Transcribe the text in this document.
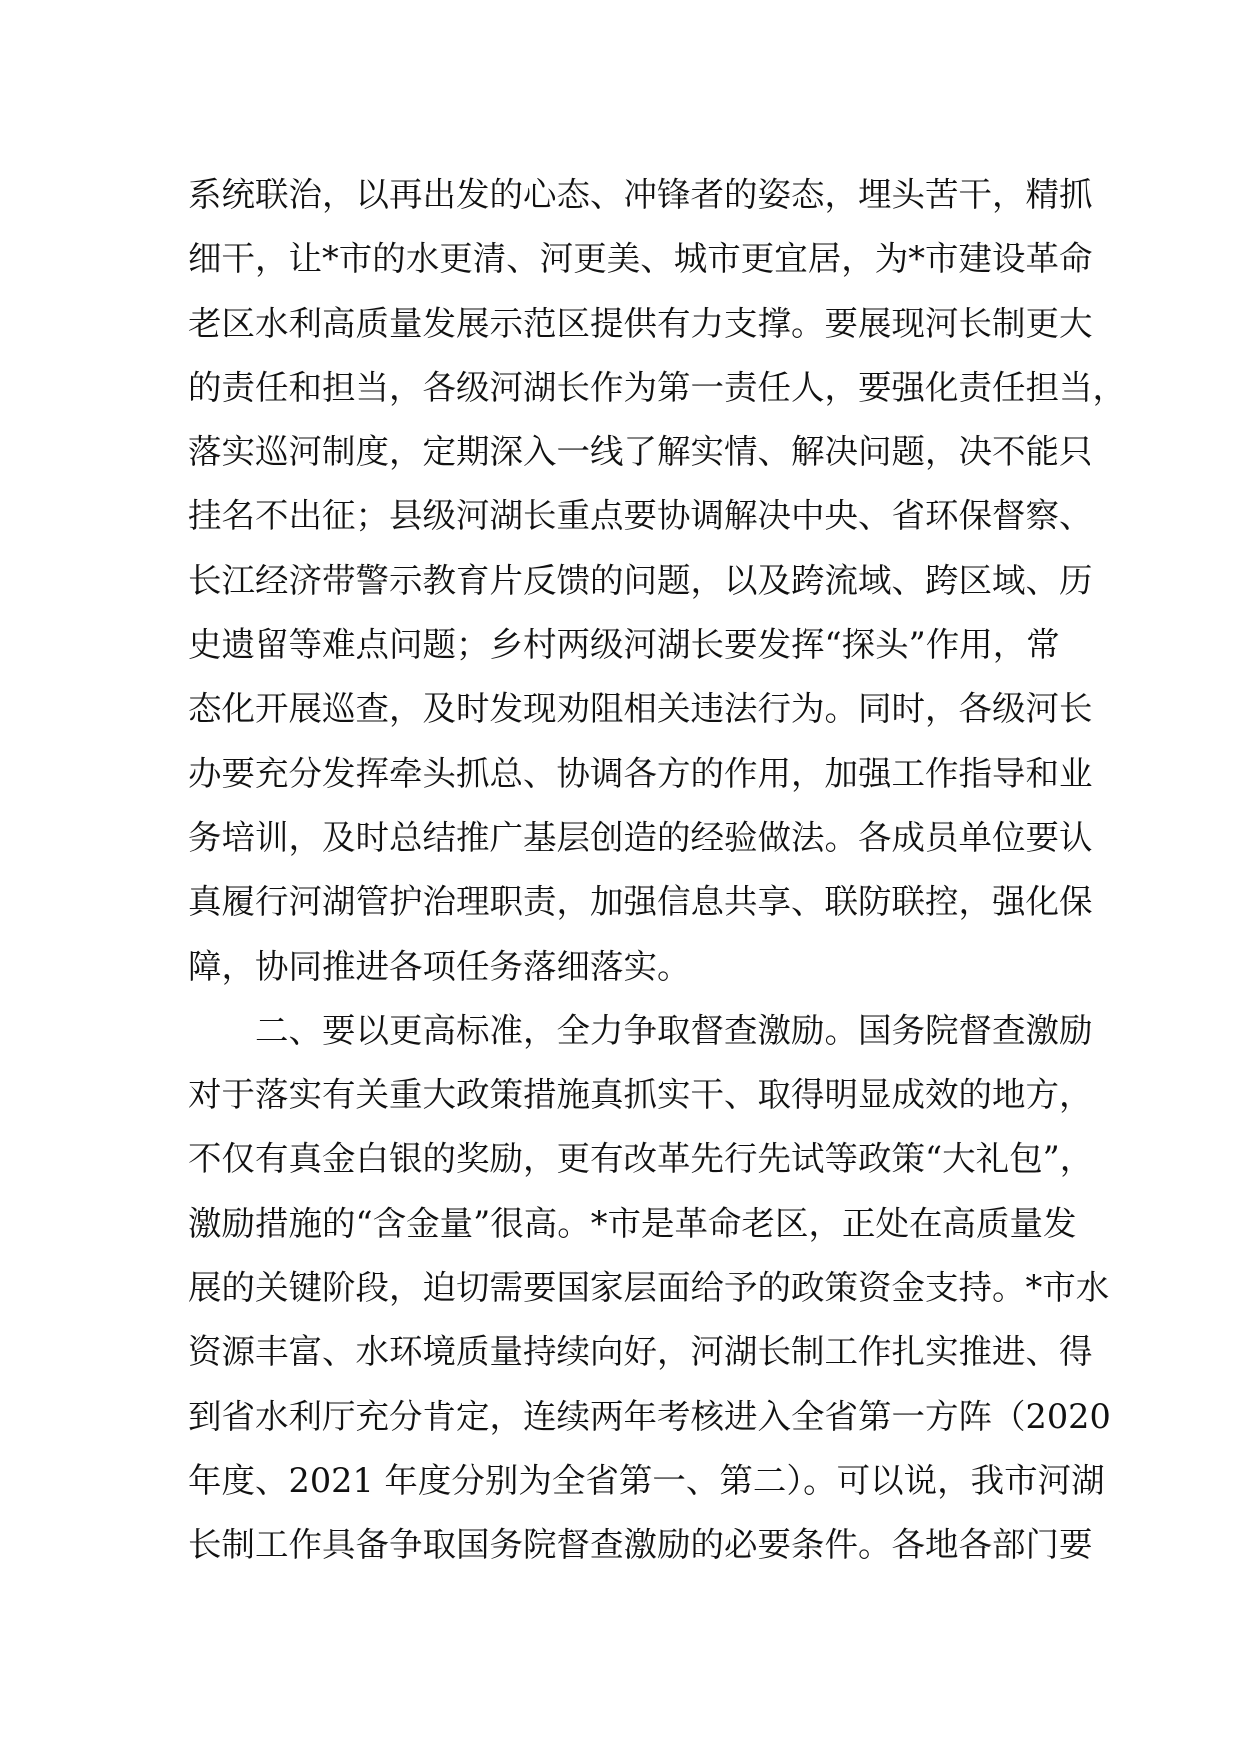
系统联治，以再出发的心态、冲锋者的姿态，埋头苦干，精抓
细干，让*市的水更清、河更美、城市更宜居，为*市建设革命
老区水利高质量发展示范区提供有力支撑。要展现河长制更大
的责任和担当，各级河湖长作为第一责任人，要强化责任担当，
落实巡河制度，定期深入一线了解实情、解决问题，决不能只
挂名不出征；县级河湖长重点要协调解决中央、省环保督察、
长江经济带警示教育片反馈的问题，以及跨流域、跨区域、历
史遗留等难点问题；乡村两级河湖长要发挥“探头”作用，常
态化开展巡查，及时发现劝阻相关违法行为。同时，各级河长
办要充分发挥牵头抓总、协调各方的作用，加强工作指导和业
务培训，及时总结推广基层创造的经验做法。各成员单位要认
真履行河湖管护治理职责，加强信息共享、联防联控，强化保
障，协同推进各项任务落细落实。
二、要以更高标准，全力争取督查激励。国务院督查激励
对于落实有关重大政策措施真抓实干、取得明显成效的地方，
不仅有真金白银的奖励，更有改革先行先试等政策“大礼包”，
激励措施的“含金量”很高。*市是革命老区，正处在高质量发
展的关键阶段，迫切需要国家层面给予的政策资金支持。*市水
资源丰富、水环境质量持续向好，河湖长制工作扎实推进、得
到省水利厅充分肯定，连续两年考核进入全省第一方阵（2020
年度、2021 年度分别为全省第一、第二）。可以说，我市河湖
长制工作具备争取国务院督查激励的必要条件。各地各部门要
